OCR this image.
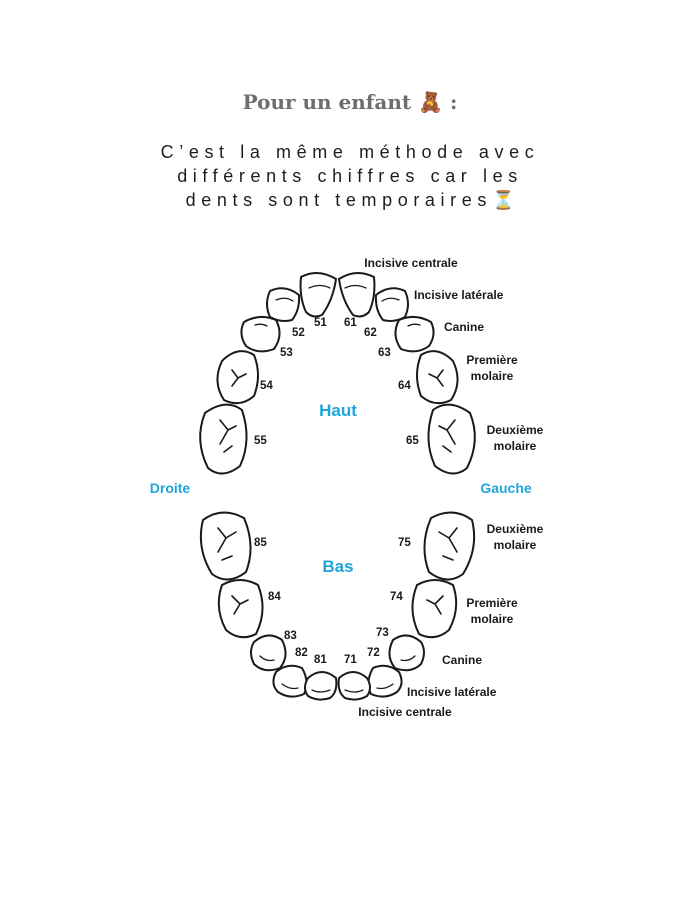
Pour un enfant 🧸 :
C’est la même méthode avec
différents chiffres car les
dents sont temporaires⏳
51
52
53
54
55
61
62
63
64
65
85
84
83
82
81
75
74
73
72
71
Haut
Bas
Droite	Gauche
Incisive centrale
Incisive latérale
Canine
Première
molaire
Deuxième
molaire
Deuxième
molaire
Première
molaire
Canine
Incisive latérale
Incisive centrale
